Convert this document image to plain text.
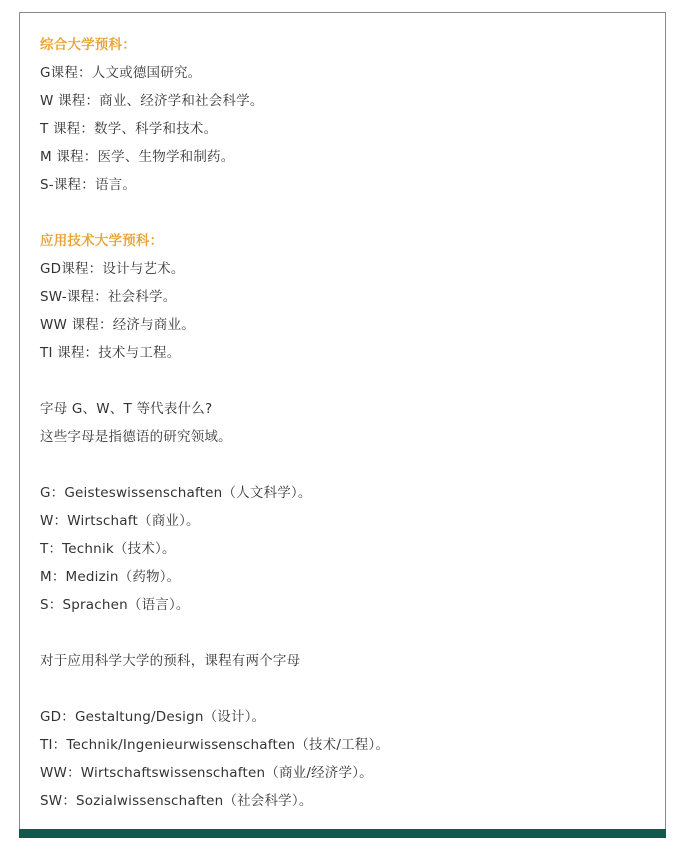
综合大学预科：
G课程：人文或德国研究。
W 课程：商业、经济学和社会科学。
T 课程：数学、科学和技术。
M 课程：医学、生物学和制药。
S-课程：语言。
应用技术大学预科：
GD课程：设计与艺术。
SW-课程：社会科学。
WW 课程：经济与商业。
TI 课程：技术与工程。
字母 G、W、T 等代表什么?
这些字母是指德语的研究领域。
G：Geisteswissenschaften（人文科学）。
W：Wirtschaft（商业）。
T：Technik（技术）。
M：Medizin（药物）。
S：Sprachen（语言）。
对于应用科学大学的预科，课程有两个字母
GD：Gestaltung/Design（设计）。
TI：Technik/Ingenieurwissenschaften（技术/工程）。
WW：Wirtschaftswissenschaften（商业/经济学）。
SW：Sozialwissenschaften（社会科学）。
